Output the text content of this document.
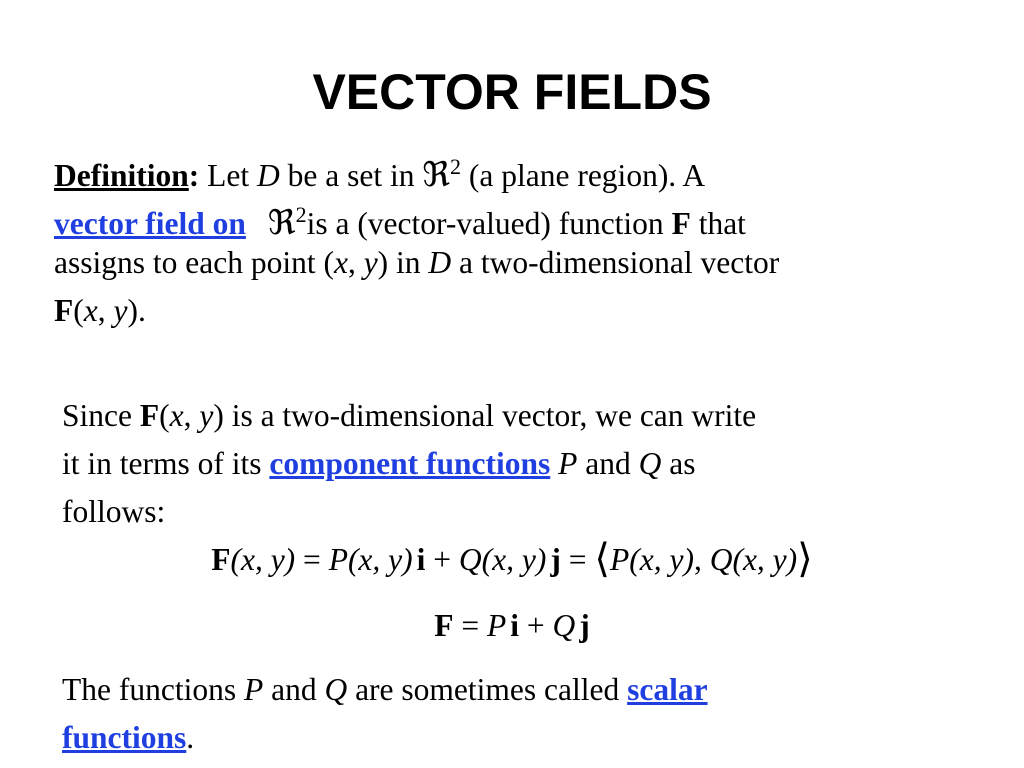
VECTOR FIELDS
Definition: Let D be a set in ℜ$^2$ (a plane region). A
vector field on ℜ$^2$is a (vector-valued) function F that
assigns to each point (x, y) in D a two-dimensional vector
F(x, y).
Since F(x, y) is a two-dimensional vector, we can write
it in terms of its component functions P and Q as
follows:
F(x, y) = P(x, y) i + Q(x, y) j = ⟨P(x, y), Q(x, y)⟩
F = P i + Q j
The functions P and Q are sometimes called scalar
functions.
